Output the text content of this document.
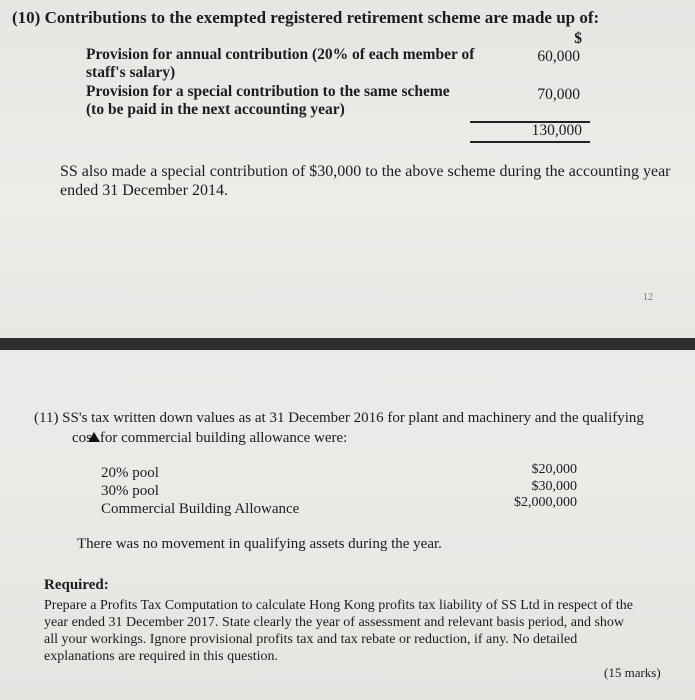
(10) Contributions to the exempted registered retirement scheme are made up of:
$
Provision for annual contribution (20% of each member of
staff's salary)
60,000
Provision for a special contribution to the same scheme
(to be paid in the next accounting year)
70,000
130,000
SS also made a special contribution of $30,000 to the above scheme during the accounting year
ended 31 December 2014.
12
(11) SS's tax written down values as at 31 December 2016 for plant and machinery and the qualifying
cost for commercial building allowance were:
20% pool	$20,000
30% pool	$30,000
Commercial Building Allowance	$2,000,000
There was no movement in qualifying assets during the year.
Required:
Prepare a Profits Tax Computation to calculate Hong Kong profits tax liability of SS Ltd in respect of the
year ended 31 December 2017. State clearly the year of assessment and relevant basis period, and show
all your workings. Ignore provisional profits tax and tax rebate or reduction, if any. No detailed
explanations are required in this question.
(15 marks)
